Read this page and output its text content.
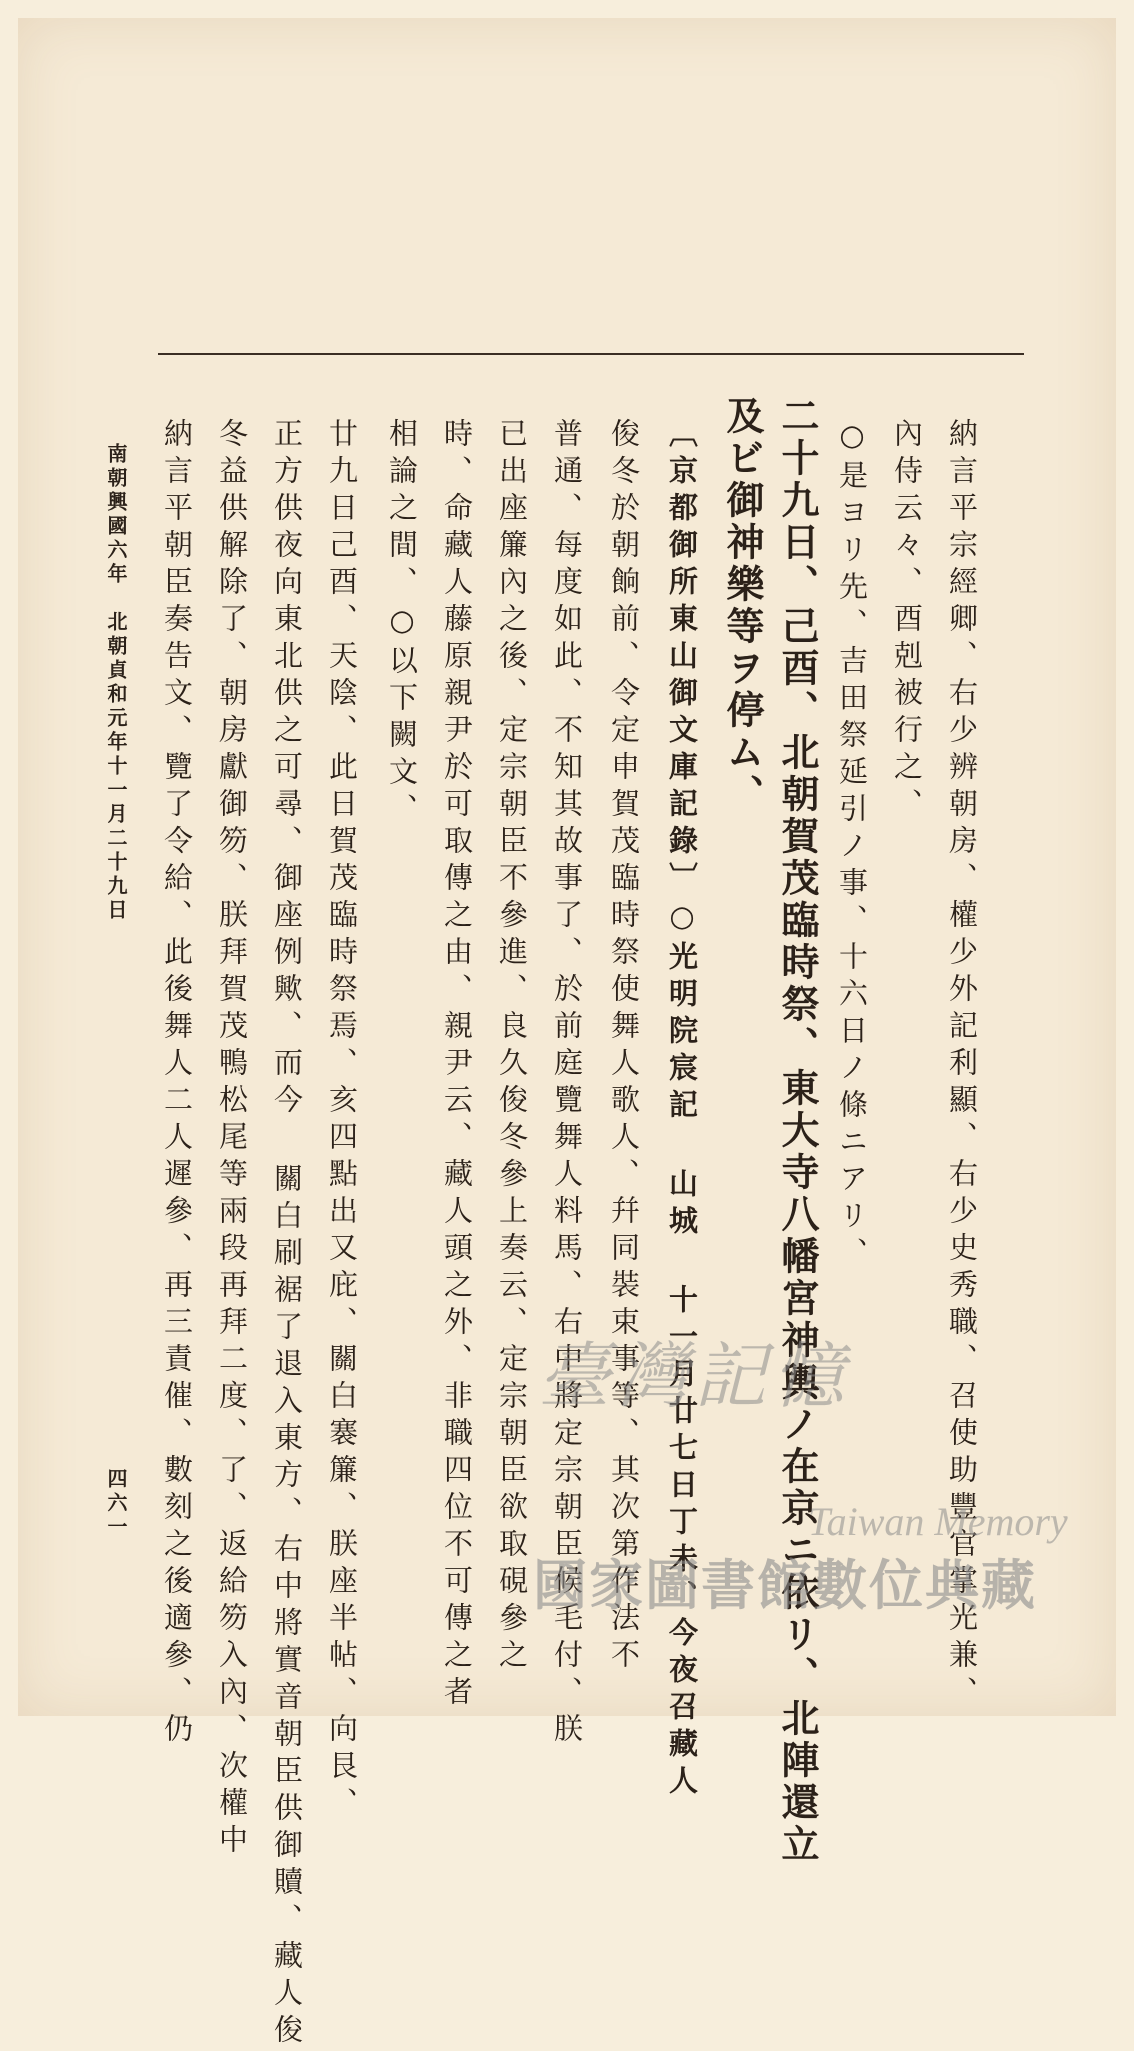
納言平宗經卿、右少辨朝房、權少外記利顯、右少史秀職、召使助豐官掌光兼、
內侍云々、酉剋被行之、
○是ヨリ先、吉田祭延引ノ事、十六日ノ條ニアリ、
二十九日、己酉、北朝賀茂臨時祭、東大寺八幡宮神輿ノ在京ニ依リ、北陣還立
及ビ御神樂等ヲ停ム、
〔京都御所東山御文庫記錄〕○光明院宸記 山城 十一月廿七日丁未、今夜召藏人
俊冬於朝餉前、令定申賀茂臨時祭使舞人歌人、幷同裝束事等、其次第作法不
普通、每度如此、不知其故事了、於前庭覽舞人料馬、右中將定宗朝臣候毛付、朕
已出座簾內之後、定宗朝臣不參進、良久俊冬參上奏云、定宗朝臣欲取硯參之
時、命藏人藤原親尹於可取傳之由、親尹云、藏人頭之外、非職四位不可傳之者
相論之間、○以下闕文、
廿九日己酉、天陰、此日賀茂臨時祭焉、亥四點出又庇、關白褰簾、朕座半帖、向艮、
正方供夜向東北供之可尋、御座例歟、而今 關白刷裾了退入東方、右中將實音朝臣供御贖、藏人俊
冬益供解除了、朝房獻御笏、朕拜賀茂鴨松尾等兩段再拜二度、了、返給笏入內、次權中
納言平朝臣奏告文、覽了令給、此後舞人二人遲參、再三責催、數刻之後適參、仍
南朝興國六年　北朝貞和元年十一月二十九日
四六一
臺灣記憶
Taiwan Memory
國家圖書館數位典藏
